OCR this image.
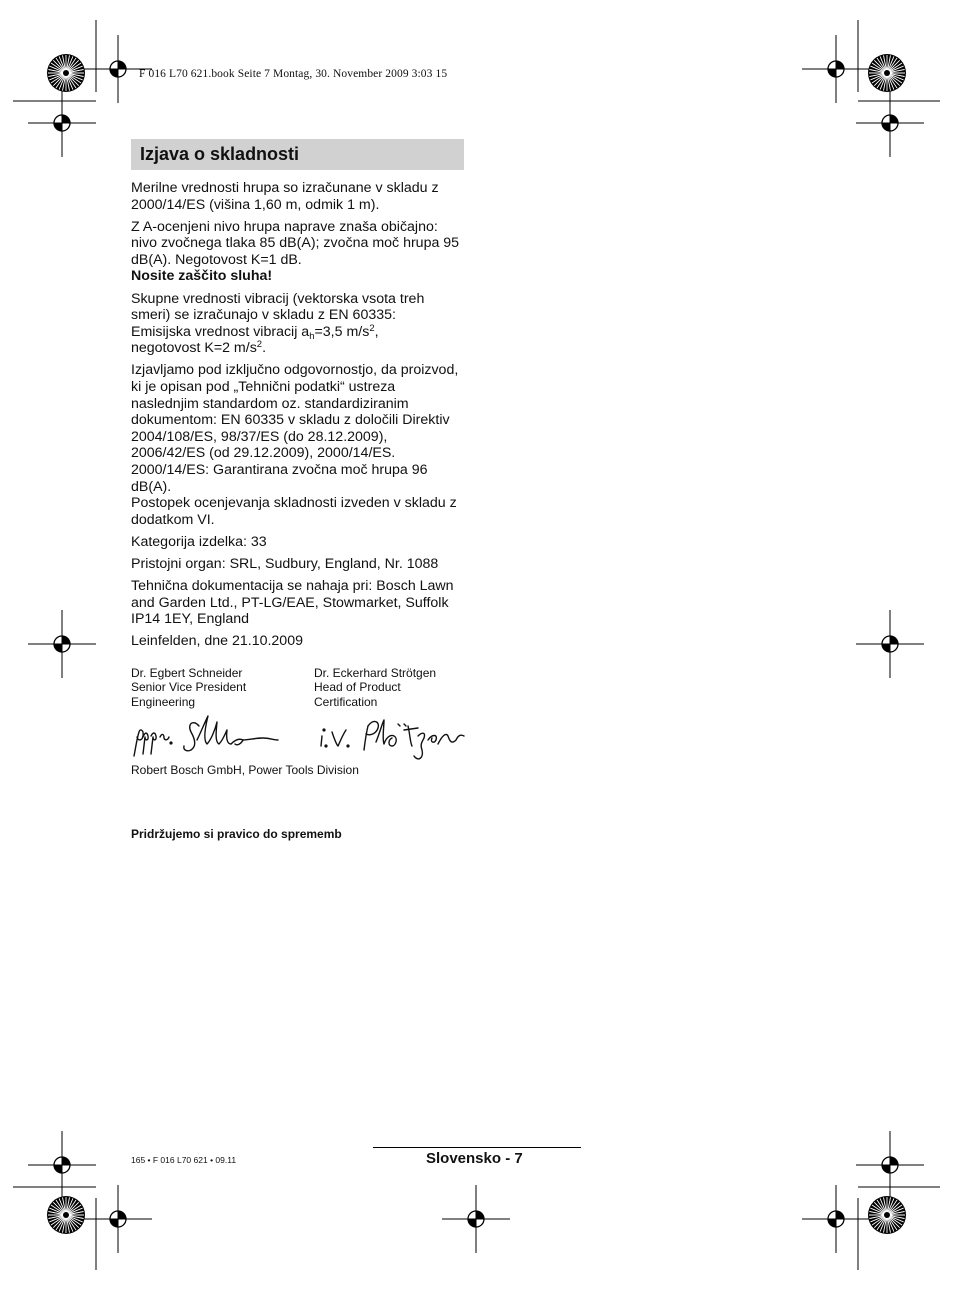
F 016 L70 621.book Seite 7 Montag, 30. November 2009 3:03 15
Izjava o skladnosti

Merilne vrednosti hrupa so izračunane v skladu z 2000/14/ES (višina 1,60 m, odmik 1 m).

Z A-ocenjeni nivo hrupa naprave znaša običajno: nivo zvočnega tlaka 85 dB(A); zvočna moč hrupa 95 dB(A). Negotovost K=1 dB.
Nosite zaščito sluha!

Skupne vrednosti vibracij (vektorska vsota treh smeri) se izračunajo v skladu z EN 60335:
Emisijska vrednost vibracij $a_h=3,5$ $m/s^2$,
negotovost K=2 $m/s^2$.

Izjavljamo pod izključno odgovornostjo, da proizvod, ki je opisan pod „Tehnični podatki“ ustreza naslednjim standardom oz. standardiziranim dokumentom: EN 60335 v skladu z določili Direktiv 2004/108/ES, 98/37/ES (do 28.12.2009), 2006/42/ES (od 29.12.2009), 2000/14/ES.
2000/14/ES: Garantirana zvočna moč hrupa 96 dB(A).
Postopek ocenjevanja skladnosti izveden v skladu z dodatkom VI.

Kategorija izdelka: 33

Pristojni organ: SRL, Sudbury, England, Nr. 1088

Tehnična dokumentacija se nahaja pri: Bosch Lawn and Garden Ltd., PT-LG/EAE, Stowmarket, Suffolk IP14 1EY, England

Leinfelden, dne 21.10.2009

Dr. Egbert Schneider
Senior Vice President
Engineering
Dr. Eckerhard Strötgen
Head of Product
Certification
Robert Bosch GmbH, Power Tools Division
Pridržujemo si pravico do sprememb
165 • F 016 L70 621 • 09.11	Slovensko - 7
